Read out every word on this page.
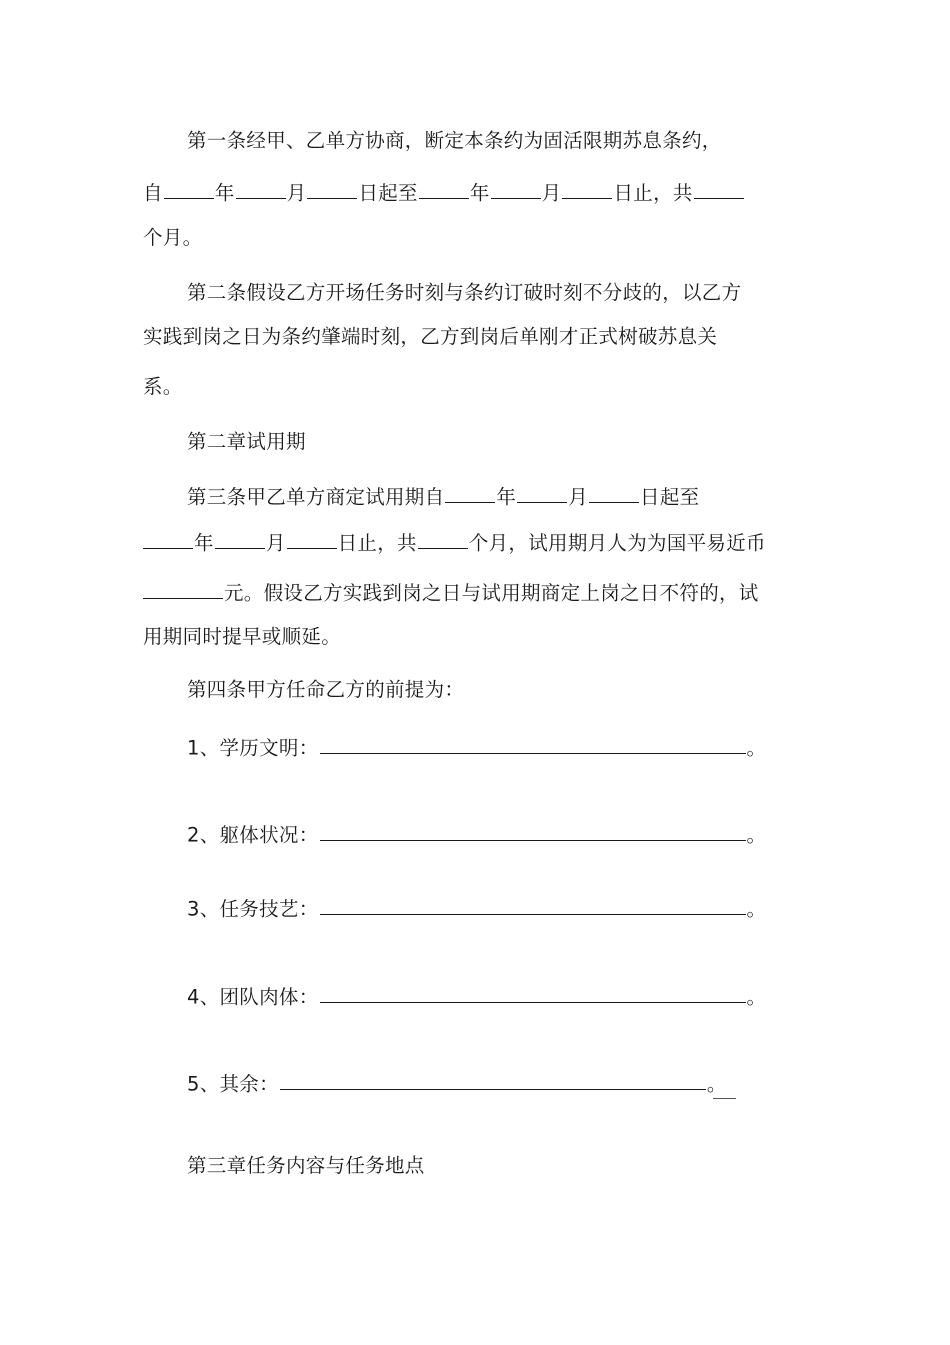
第一条经甲、乙单方协商，断定本条约为固活限期苏息条约，
自	年	月	日起至	年	月	日止，共
个月。
第二条假设乙方开场任务时刻与条约订破时刻不分歧的，以乙方
实践到岗之日为条约肇端时刻，乙方到岗后单刚才正式树破苏息关
系。
第二章试用期
第三条甲乙单方商定试用期自	年	月	日起至
年	月	日止，共	个月，试用期月人为为国平易近币
元。假设乙方实践到岗之日与试用期商定上岗之日不符的，试
用期同时提早或顺延。
第四条甲方任命乙方的前提为：
1、学历文明：	。
2、躯体状况：	。
3、任务技艺：	。
4、团队肉体：	。
5、其余：	。
第三章任务内容与任务地点
